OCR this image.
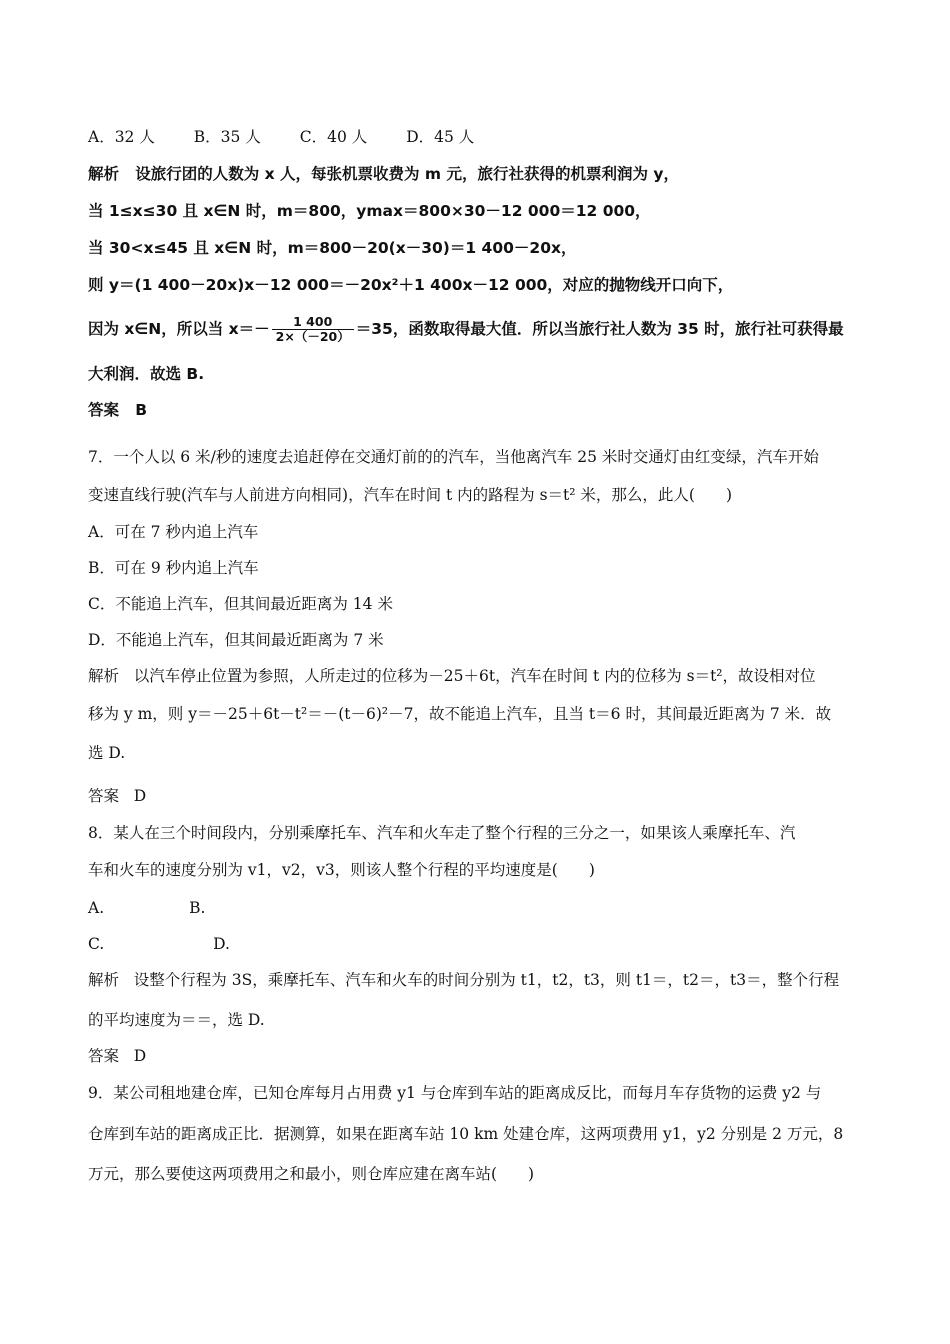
A．32 人	B．35 人	C．40 人	D．45 人
解析 设旅行团的人数为 x 人，每张机票收费为 m 元，旅行社获得的机票利润为 y，
当 1≤x≤30 且 x∈N 时，m＝800，ymax＝800×30－12 000＝12 000，
当 30<x≤45 且 x∈N 时，m＝800－20(x－30)＝1 400－20x，
则 y＝(1 400－20x)x－12 000＝－20x²＋1 400x－12 000，对应的抛物线开口向下，
因为 x∈N，所以当 $x=- \frac{1 400}{2\times(-20)} =35$，函数取得最大值．所以当旅行社人数为 35 时，旅行社可获得最
大利润．故选 B.
答案 B
7．一个人以 6 米/秒的速度去追赶停在交通灯前的的汽车，当他离汽车 25 米时交通灯由红变绿，汽车开始
变速直线行驶(汽车与人前进方向相同)，汽车在时间 t 内的路程为 s＝t² 米，那么，此人(　　)
A．可在 7 秒内追上汽车
B．可在 9 秒内追上汽车
C．不能追上汽车，但其间最近距离为 14 米
D．不能追上汽车，但其间最近距离为 7 米
解析 以汽车停止位置为参照，人所走过的位移为－25＋6t，汽车在时间 t 内的位移为 s＝t²，故设相对位
移为 y m，则 y＝－25＋6t－t²＝－(t－6)²－7，故不能追上汽车，且当 t＝6 时，其间最近距离为 7 米．故
选 D.
答案 D
8．某人在三个时间段内，分别乘摩托车、汽车和火车走了整个行程的三分之一，如果该人乘摩托车、汽
车和火车的速度分别为 v1，v2，v3，则该人整个行程的平均速度是(　　)
A.	B.
C.	D.
解析 设整个行程为 3S，乘摩托车、汽车和火车的时间分别为 t1，t2，t3，则 t1＝，t2＝，t3＝，整个行程
的平均速度为＝＝，选 D.
答案 D
9．某公司租地建仓库，已知仓库每月占用费 y1 与仓库到车站的距离成反比，而每月车存货物的运费 y2 与
仓库到车站的距离成正比．据测算，如果在距离车站 10 km 处建仓库，这两项费用 y1，y2 分别是 2 万元，8
万元，那么要使这两项费用之和最小，则仓库应建在离车站(　　)
